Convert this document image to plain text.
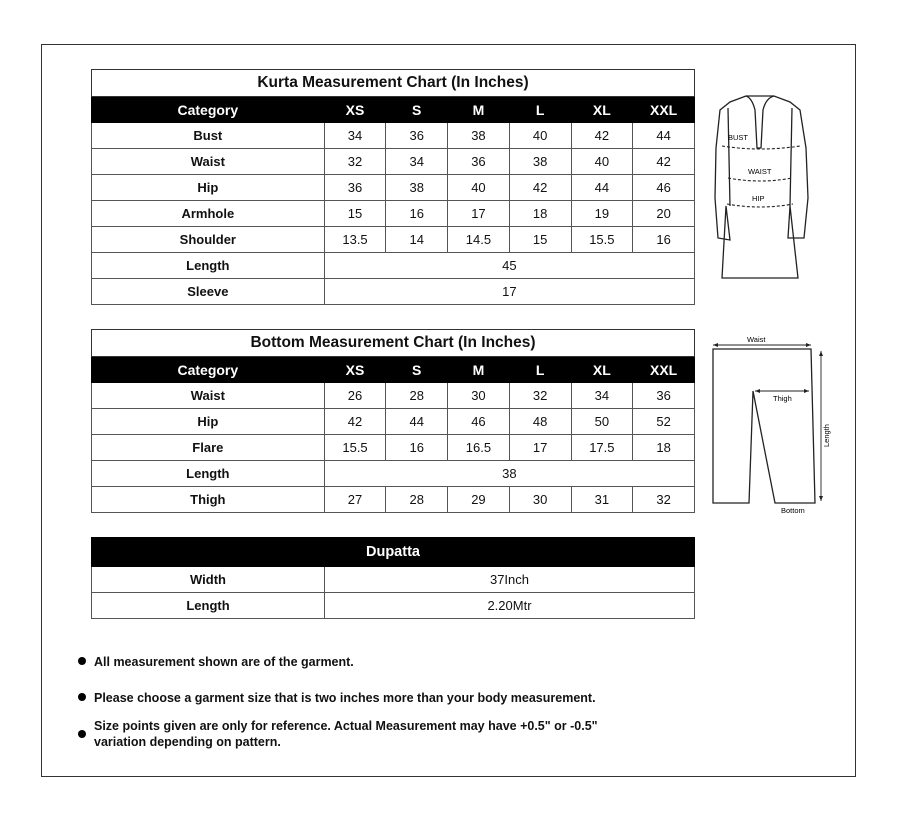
Kurta Measurement Chart (In Inches)						
Category	XS	S	M	L	XL	XXL
Bust	34	36	38	40	42	44
Waist	32	34	36	38	40	42
Hip	36	38	40	42	44	46
Armhole	15	16	17	18	19	20
Shoulder	13.5	14	14.5	15	15.5	16
Length	45					
Sleeve	17					
Bottom Measurement Chart (In Inches)						
Category	XS	S	M	L	XL	XXL
Waist	26	28	30	32	34	36
Hip	42	44	46	48	50	52
Flare	15.5	16	16.5	17	17.5	18
Length	38					
Thigh	27	28	29	30	31	32
Dupatta	
Width	37Inch
Length	2.20Mtr
BUST
WAIST
HIP
Waist
Thigh
Length
Bottom
All measurement shown are of the garment.
Please choose a garment size that is two inches more than your body measurement.
Size points given are only for reference. Actual Measurement may have +0.5" or -0.5" variation depending on pattern.
